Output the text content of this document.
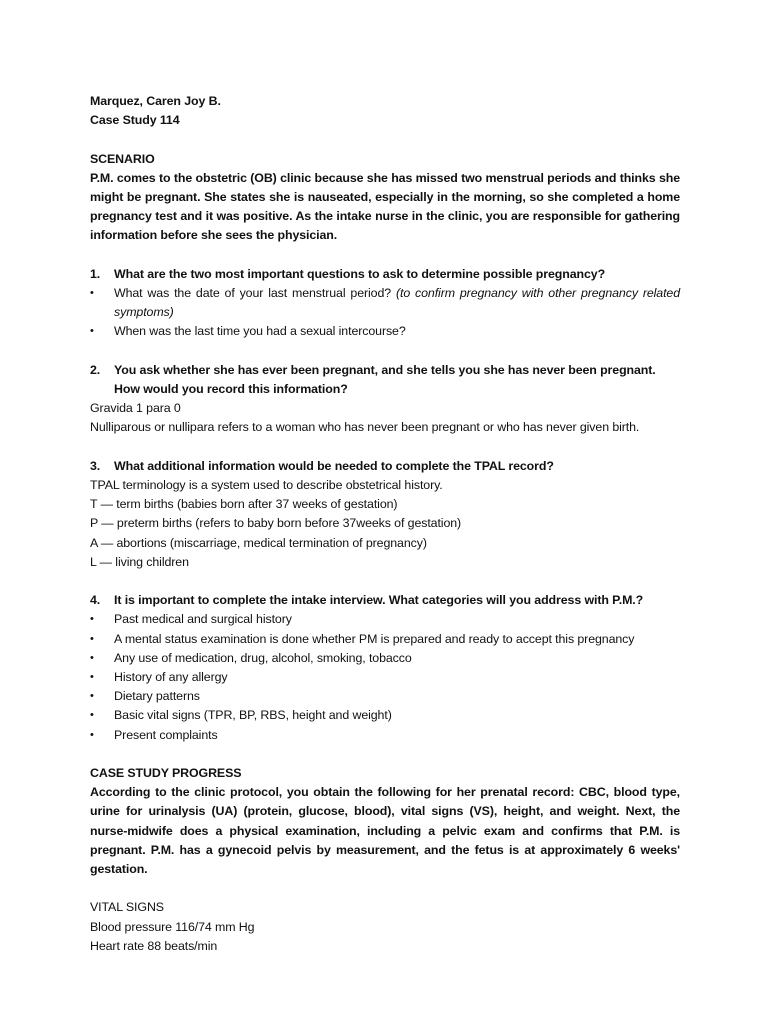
Marquez, Caren Joy B.
Case Study 114
SCENARIO
P.M. comes to the obstetric (OB) clinic because she has missed two menstrual periods and thinks she might be pregnant. She states she is nauseated, especially in the morning, so she completed a home pregnancy test and it was positive. As the intake nurse in the clinic, you are responsible for gathering information before she sees the physician.
1.	What are the two most important questions to ask to determine possible pregnancy?
•	What was the date of your last menstrual period? (to confirm pregnancy with other pregnancy related symptoms)
•	When was the last time you had a sexual intercourse?
2.	You ask whether she has ever been pregnant, and she tells you she has never been pregnant. How would you record this information?
Gravida 1 para 0
Nulliparous or nullipara refers to a woman who has never been pregnant or who has never given birth.
3.	What additional information would be needed to complete the TPAL record?
TPAL terminology is a system used to describe obstetrical history.
T — term births (babies born after 37 weeks of gestation)
P — preterm births (refers to baby born before 37weeks of gestation)
A — abortions (miscarriage, medical termination of pregnancy)
L — living children
4.	It is important to complete the intake interview. What categories will you address with P.M.?
•	Past medical and surgical history
•	A mental status examination is done whether PM is prepared and ready to accept this pregnancy
•	Any use of medication, drug, alcohol, smoking, tobacco
•	History of any allergy
•	Dietary patterns
•	Basic vital signs (TPR, BP, RBS, height and weight)
•	Present complaints
CASE STUDY PROGRESS
According to the clinic protocol, you obtain the following for her prenatal record: CBC, blood type, urine for urinalysis (UA) (protein, glucose, blood), vital signs (VS), height, and weight. Next, the nurse-midwife does a physical examination, including a pelvic exam and confirms that P.M. is pregnant. P.M. has a gynecoid pelvis by measurement, and the fetus is at approximately 6 weeks' gestation.
VITAL SIGNS
Blood pressure 116/74 mm Hg
Heart rate 88 beats/min
